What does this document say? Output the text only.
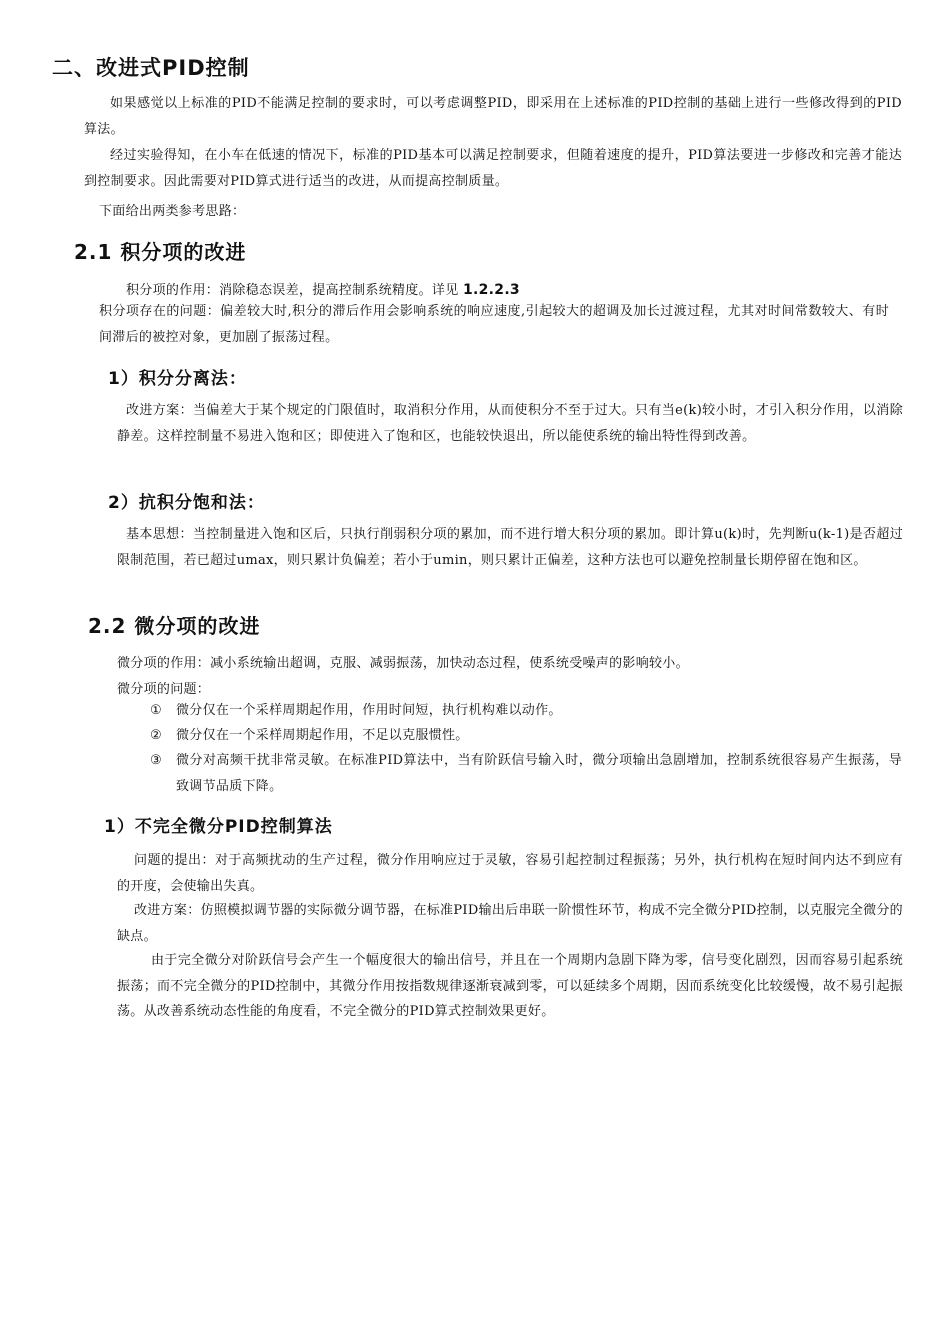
二、改进式PID控制
如果感觉以上标准的PID不能满足控制的要求时，可以考虑调整PID，即采用在上述标准的PID控制的基础上进行一些修改得到的PID算法。
经过实验得知，在小车在低速的情况下，标准的PID基本可以满足控制要求，但随着速度的提升，PID算法要进一步修改和完善才能达到控制要求。因此需要对PID算式进行适当的改进，从而提高控制质量。
下面给出两类参考思路：
2.1 积分项的改进
积分项的作用：消除稳态误差，提高控制系统精度。详见 1.2.2.3
积分项存在的问题：偏差较大时,积分的滞后作用会影响系统的响应速度,引起较大的超调及加长过渡过程，尤其对时间常数较大、有时间滞后的被控对象，更加剧了振荡过程。
1）积分分离法：
改进方案：当偏差大于某个规定的门限值时，取消积分作用，从而使积分不至于过大。只有当e(k)较小时，才引入积分作用，以消除静差。这样控制量不易进入饱和区；即使进入了饱和区，也能较快退出，所以能使系统的输出特性得到改善。
2）抗积分饱和法：
基本思想：当控制量进入饱和区后，只执行削弱积分项的累加，而不进行增大积分项的累加。即计算u(k)时，先判断u(k-1)是否超过限制范围，若已超过umax，则只累计负偏差；若小于umin，则只累计正偏差，这种方法也可以避免控制量长期停留在饱和区。
2.2 微分项的改进
微分项的作用：减小系统输出超调，克服、减弱振荡，加快动态过程，使系统受噪声的影响较小。
微分项的问题：
①	微分仅在一个采样周期起作用，作用时间短，执行机构难以动作。
②	微分仅在一个采样周期起作用，不足以克服惯性。
③	微分对高频干扰非常灵敏。在标准PID算法中，当有阶跃信号输入时，微分项输出急剧增加，控制系统很容易产生振荡，导致调节品质下降。
1）不完全微分PID控制算法
问题的提出：对于高频扰动的生产过程，微分作用响应过于灵敏，容易引起控制过程振荡；另外，执行机构在短时间内达不到应有的开度，会使输出失真。
改进方案：仿照模拟调节器的实际微分调节器，在标准PID输出后串联一阶惯性环节，构成不完全微分PID控制，以克服完全微分的缺点。
由于完全微分对阶跃信号会产生一个幅度很大的输出信号，并且在一个周期内急剧下降为零，信号变化剧烈，因而容易引起系统振荡；而不完全微分的PID控制中，其微分作用按指数规律逐渐衰减到零，可以延续多个周期，因而系统变化比较缓慢，故不易引起振荡。从改善系统动态性能的角度看，不完全微分的PID算式控制效果更好。
